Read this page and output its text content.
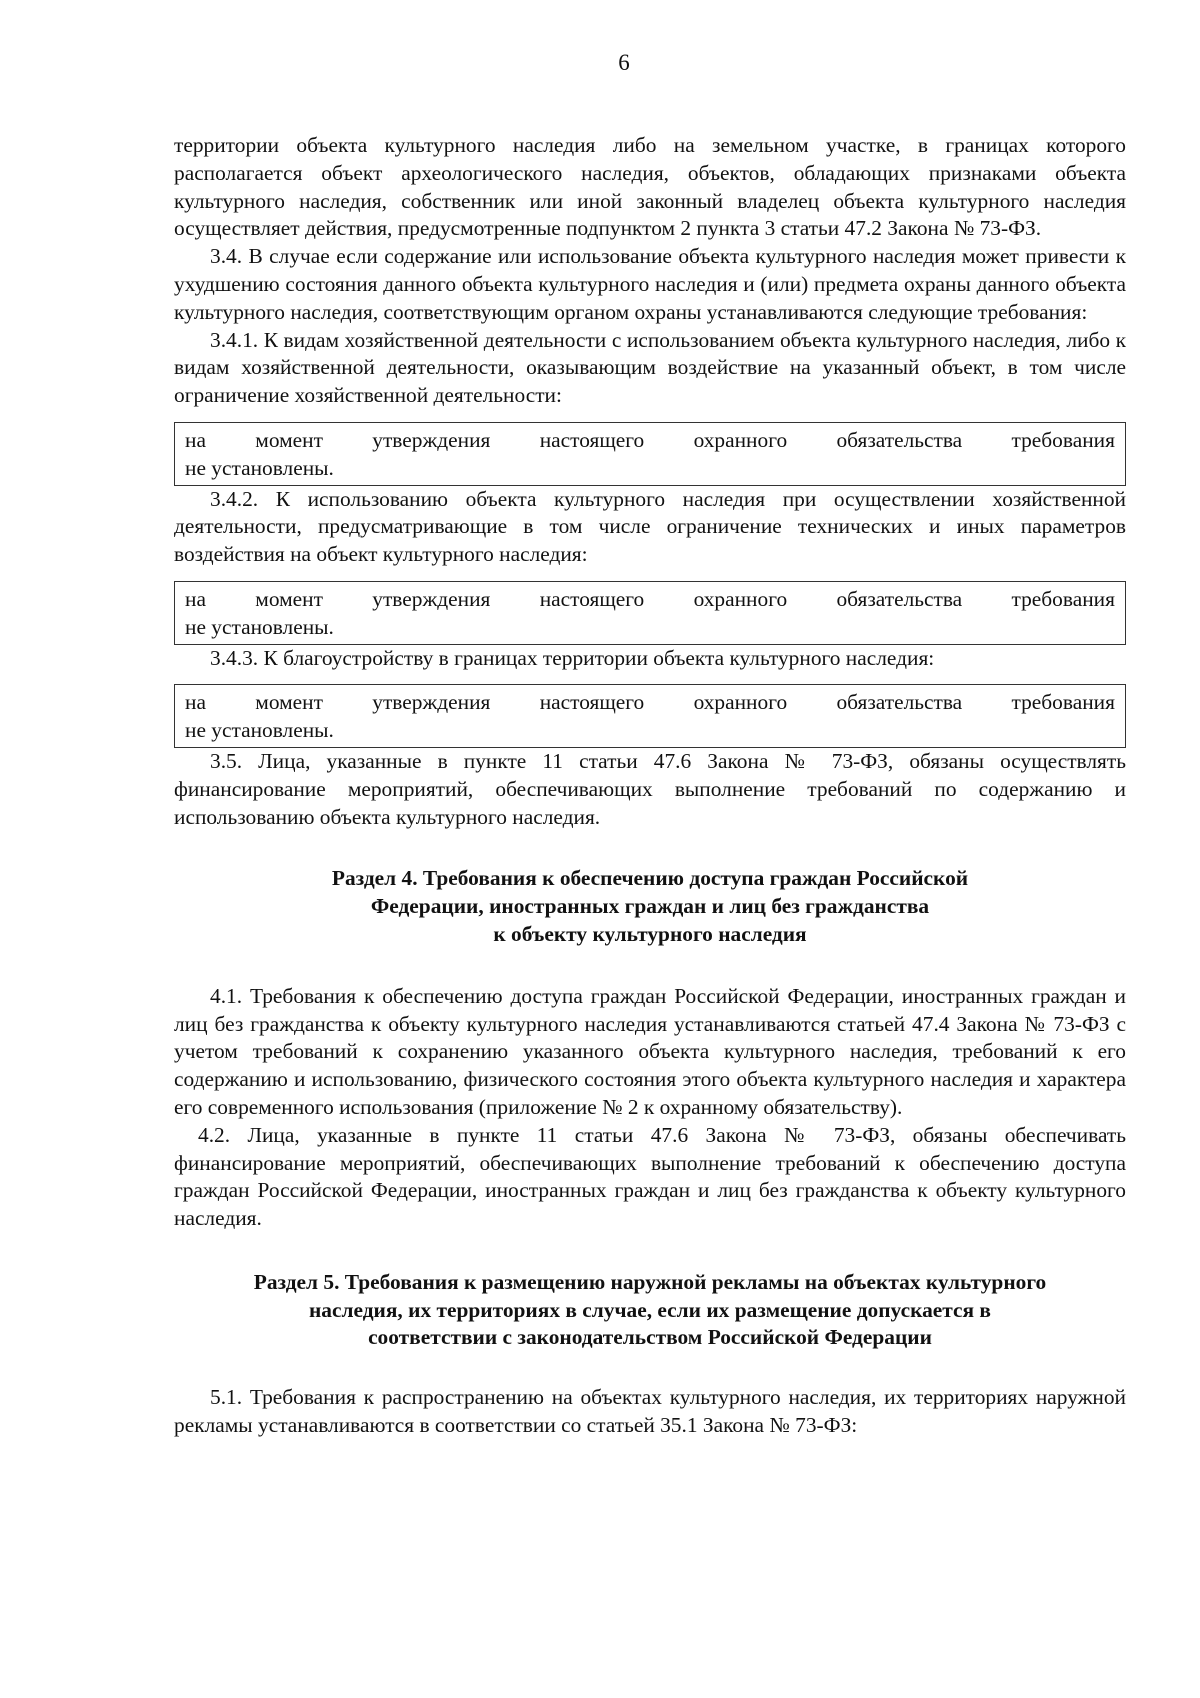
6

территории объекта культурного наследия либо на земельном участке, в границах которого располагается объект археологического наследия, объектов, обладающих признаками объекта культурного наследия, собственник или иной законный владелец объекта культурного наследия осуществляет действия, предусмотренные подпунктом 2 пункта 3 статьи 47.2 Закона № 73-ФЗ.

3.4. В случае если содержание или использование объекта культурного наследия может привести к ухудшению состояния данного объекта культурного наследия и (или) предмета охраны данного объекта культурного наследия, соответствующим органом охраны устанавливаются следующие требования:

3.4.1. К видам хозяйственной деятельности с использованием объекта культурного наследия, либо к видам хозяйственной деятельности, оказывающим воздействие на указанный объект, в том числе ограничение хозяйственной деятельности:

на момент утверждения настоящего охранного обязательства требования
не установлены.

3.4.2. К использованию объекта культурного наследия при осуществлении хозяйственной деятельности, предусматривающие в том числе ограничение технических и иных параметров воздействия на объект культурного наследия:

на момент утверждения настоящего охранного обязательства требования
не установлены.

3.4.3. К благоустройству в границах территории объекта культурного наследия:

на момент утверждения настоящего охранного обязательства требования
не установлены.

3.5. Лица, указанные в пункте 11 статьи 47.6 Закона № 73-ФЗ, обязаны осуществлять финансирование мероприятий, обеспечивающих выполнение требований по содержанию и использованию объекта культурного наследия.

Раздел 4. Требования к обеспечению доступа граждан Российской
Федерации, иностранных граждан и лиц без гражданства
к объекту культурного наследия

4.1. Требования к обеспечению доступа граждан Российской Федерации, иностранных граждан и лиц без гражданства к объекту культурного наследия устанавливаются статьей 47.4 Закона № 73-ФЗ с учетом требований к сохранению указанного объекта культурного наследия, требований к его содержанию и использованию, физического состояния этого объекта культурного наследия и характера его современного использования (приложение № 2 к охранному обязательству).

4.2. Лица, указанные в пункте 11 статьи 47.6 Закона № 73-ФЗ, обязаны обеспечивать финансирование мероприятий, обеспечивающих выполнение требований к обеспечению доступа граждан Российской Федерации, иностранных граждан и лиц без гражданства к объекту культурного наследия.

Раздел 5. Требования к размещению наружной рекламы на объектах культурного
наследия, их территориях в случае, если их размещение допускается в
соответствии с законодательством Российской Федерации

5.1. Требования к распространению на объектах культурного наследия, их территориях наружной рекламы устанавливаются в соответствии со статьей 35.1 Закона № 73-ФЗ:
